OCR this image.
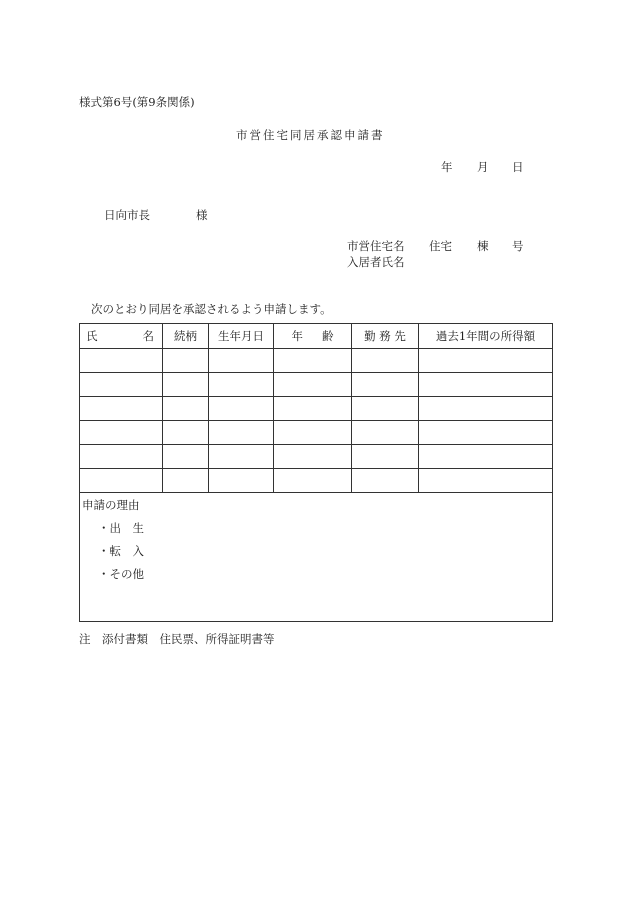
様式第6号(第9条関係)
市営住宅同居承認申請書
年 月 日
日向市長	様
市営住宅名 住宅 棟 号
入居者氏名
次のとおり同居を承認されるよう申請します。
氏 名	続柄	生年月日	年 齢	勤 務 先	過去1年間の所得額

申請の理由
・出　生
・転　入
・その他					
注　添付書類　住民票、所得証明書等
